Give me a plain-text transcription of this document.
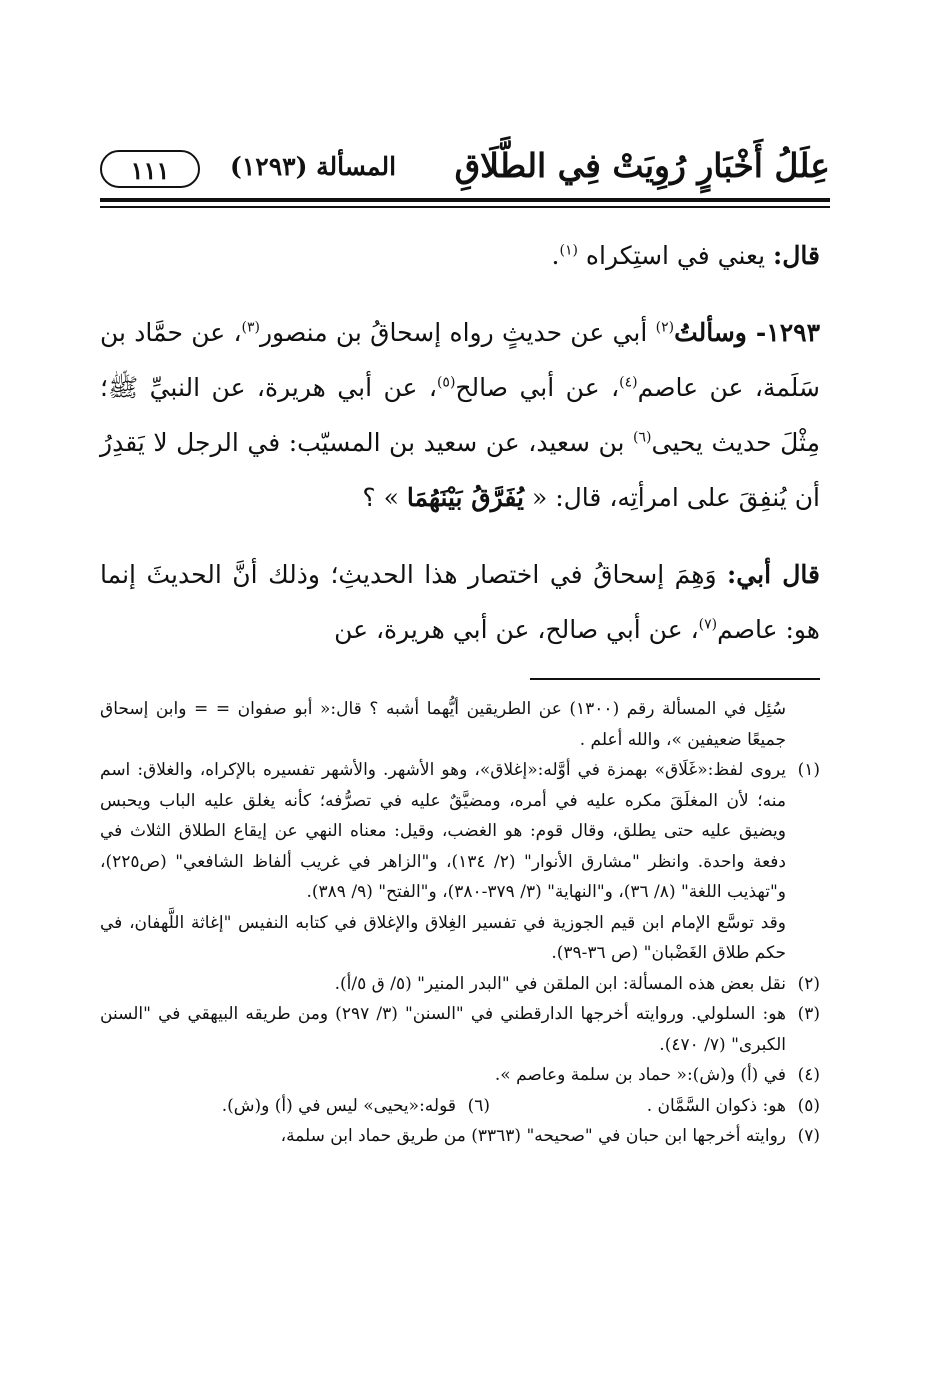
عِلَلُ أَخْبَارٍ رُوِيَتْ فِي الطَّلَاقِ
المسألة (١٢٩٣)
١١١

قال: يعني في استِكراه $^{(١)}$.

١٢٩٣- وسألتُ$^{(٢)}$ أبي عن حديثٍ رواه إسحاقُ بن منصور$^{(٣)}$، عن حمَّاد بن سَلَمة، عن عاصم$^{(٤)}$، عن أبي صالح$^{(٥)}$، عن أبي هريرة، عن النبيِّ ﷺ؛ مِثْلَ حديث يحيى$^{(٦)}$ بن سعيد، عن سعيد بن المسيّب: في الرجل لا يَقدِرُ أن يُنفِقَ على امرأتِه، قال: « يُفَرَّقُ بَيْنَهُمَا » ؟

قال أبي: وَهِمَ إسحاقُ في اختصار هذا الحديثِ؛ وذلك أنَّ الحديثَ إنما هو: عاصم$^{(٧)}$، عن أبي صالح، عن أبي هريرة، عن

سُئِل في المسألة رقم (١٣٠٠) عن الطريقين أيُّهما أشبه ؟ قال:« أبو صفوان = = وابن إسحاق جميعًا ضعيفين »، والله أعلم .
(١)
يروى لفظ:«غَلَاق» بهمزة في أوَّله:«إغلاق»، وهو الأشهر. والأشهر تفسيره بالإكراه، والغلاق: اسم منه؛ لأن المغلَقَ مكره عليه في أمره، ومضيَّقٌ عليه في تصرُّفه؛ كأنه يغلق عليه الباب ويحبس ويضيق عليه حتى يطلق، وقال قوم: هو الغضب، وقيل: معناه النهي عن إيقاع الطلاق الثلاث في دفعة واحدة. وانظر "مشارق الأنوار" (٢/ ١٣٤)، و"الزاهر في غريب ألفاظ الشافعي" (ص٢٢٥)، و"تهذيب اللغة" (٨/ ٣٦)، و"النهاية" (٣/ ٣٧٩-٣٨٠)، و"الفتح" (٩/ ٣٨٩).
وقد توسَّع الإمام ابن قيم الجوزية في تفسير الغِلاق والإغلاق في كتابه النفيس "إغاثة اللَّهفان، في حكم طلاق الغَضْبان" (ص ٣٦-٣٩).
(٢)
نقل بعض هذه المسألة: ابن الملقن في "البدر المنير" (٥/ ق ٥/أ).
(٣)
هو: السلولي. وروايته أخرجها الدارقطني في "السنن" (٣/ ٢٩٧) ومن طريقه البيهقي في "السنن الكبرى" (٧/ ٤٧٠).
(٤)
في (أ) و(ش):« حماد بن سلمة وعاصم ».
(٥)
هو: ذكوان السَّمَّان .
(٦)
قوله:«يحيى» ليس في (أ) و(ش).
(٧)
روايته أخرجها ابن حبان في "صحيحه" (٣٣٦٣) من طريق حماد ابن سلمة،
